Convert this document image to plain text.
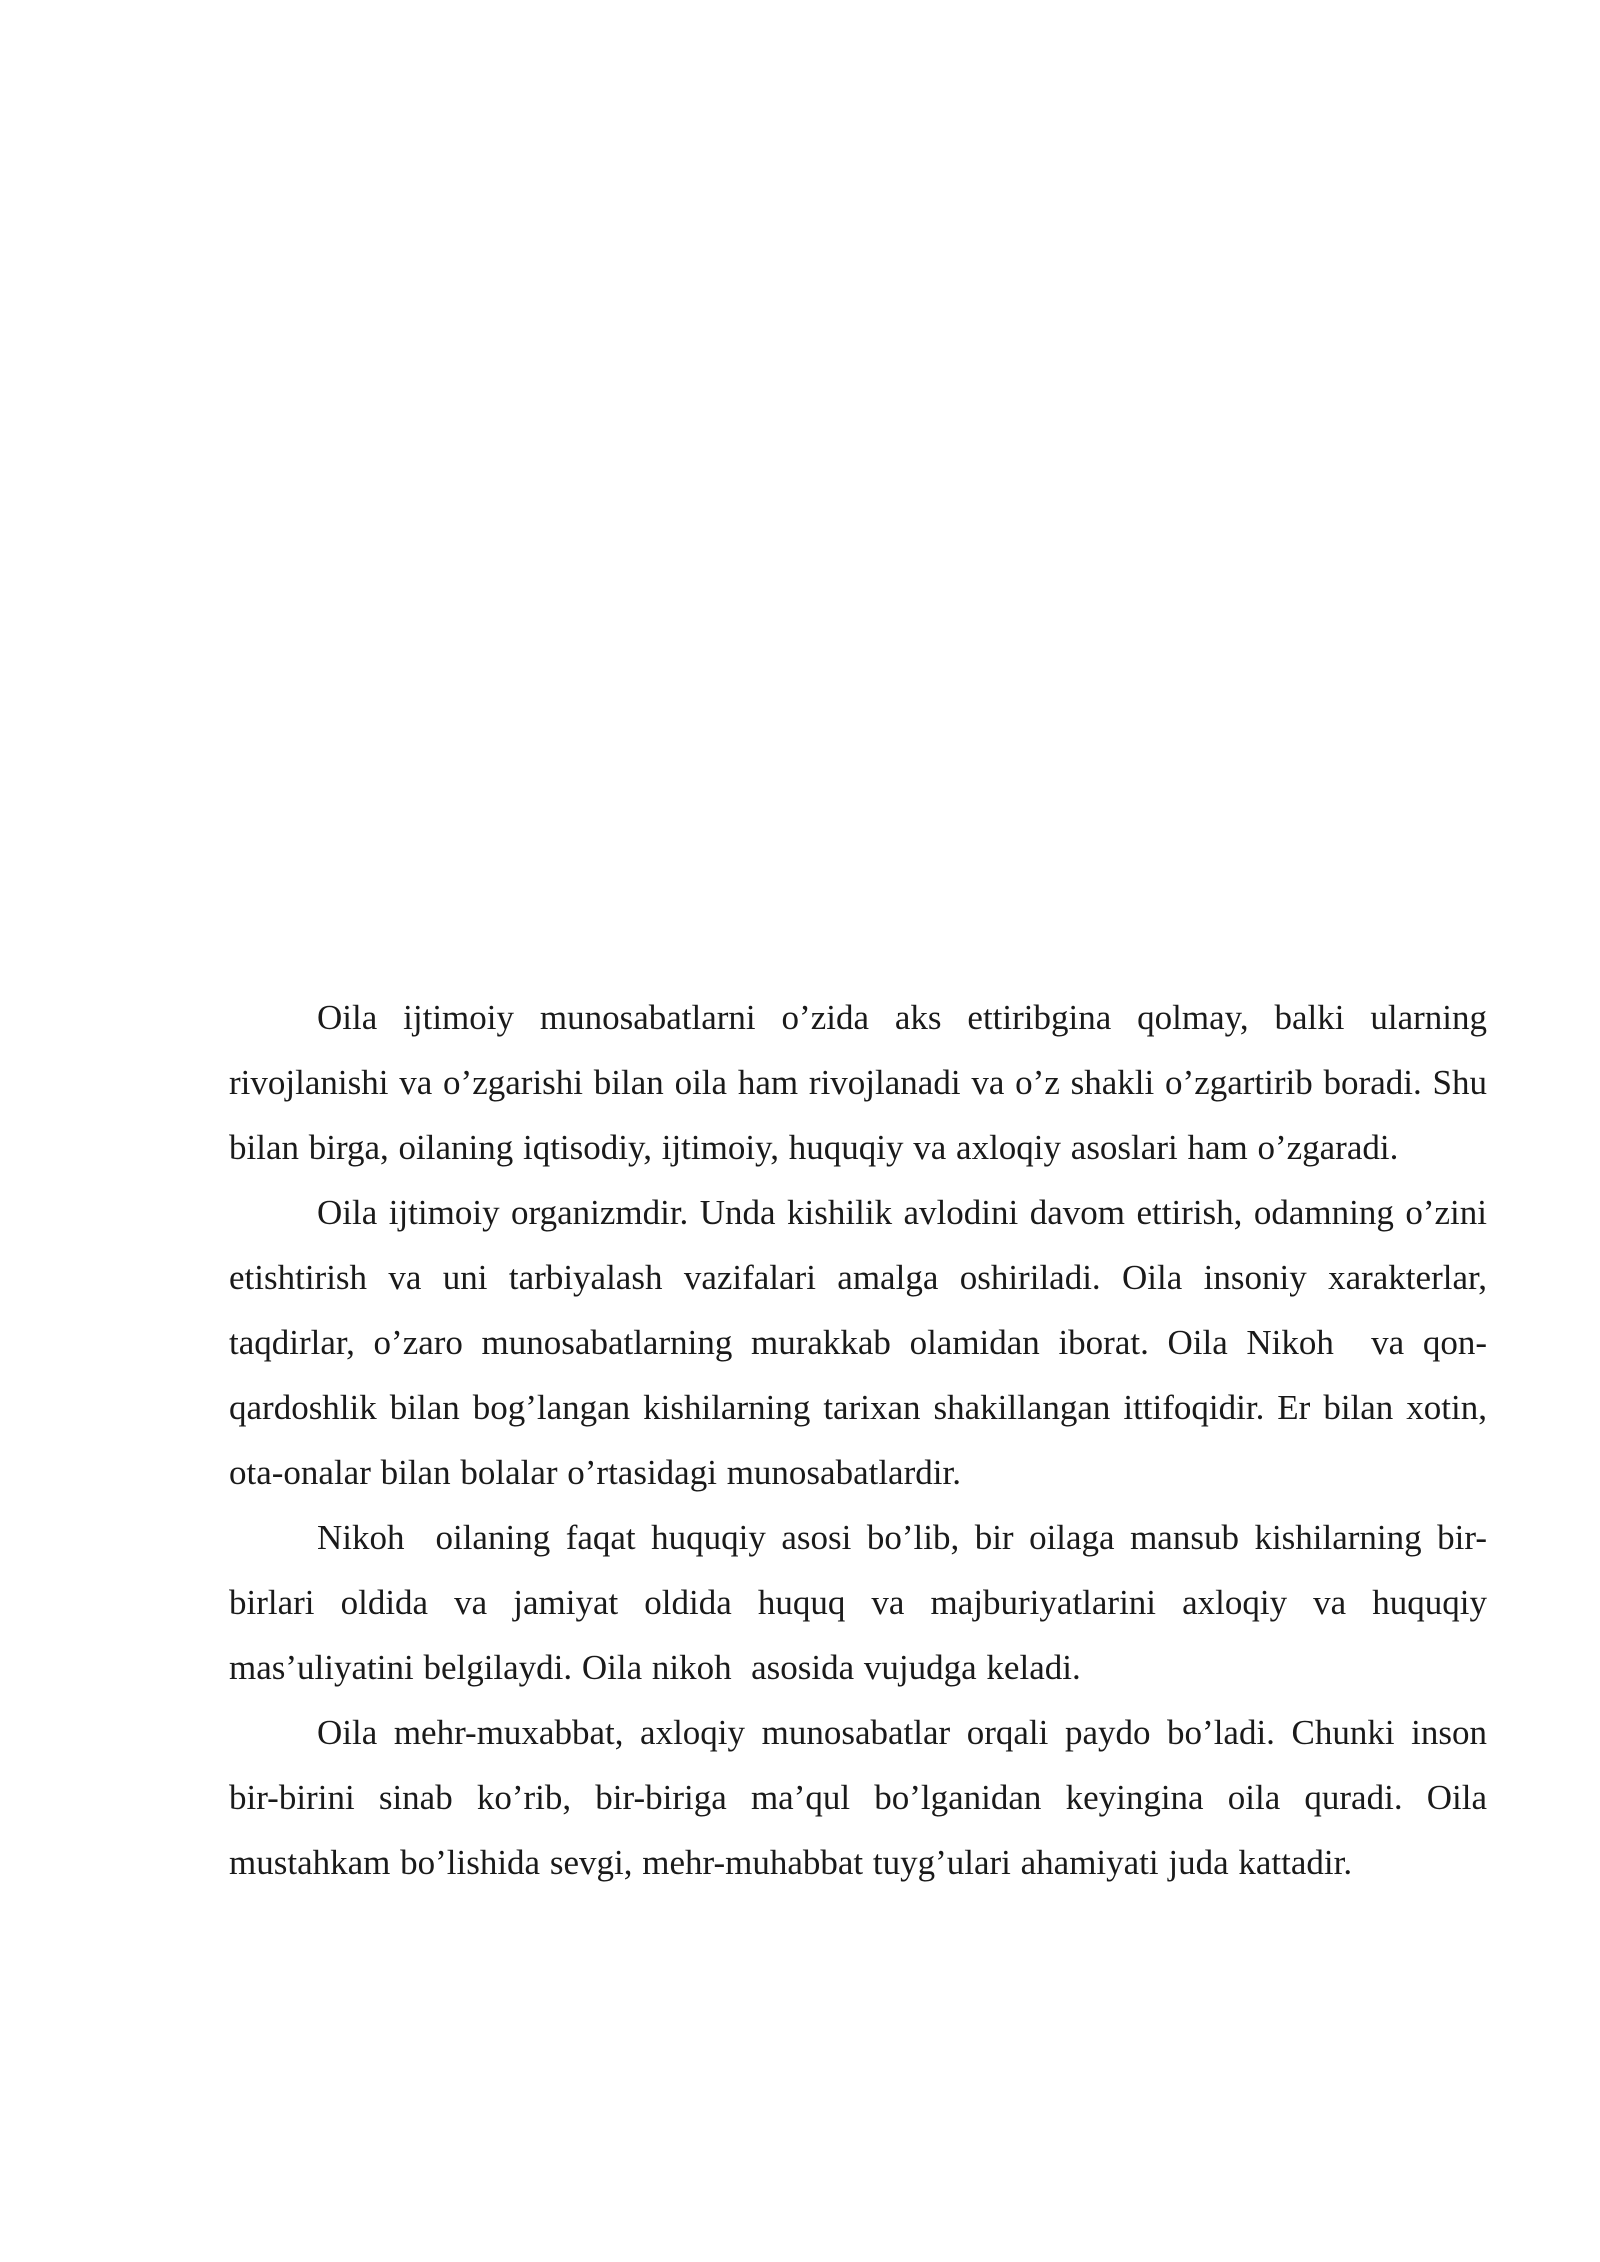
Oila ijtimoiy munosabatlarni o’zida aks ettiribgina qolmay, balki ularning rivojlanishi va o’zgarishi bilan oila ham rivojlanadi va o’z shakli o’zgartirib boradi. Shu bilan birga, oilaning iqtisodiy, ijtimoiy, huquqiy va axloqiy asoslari ham o’zgaradi.

Oila ijtimoiy organizmdir. Unda kishilik avlodini davom ettirish, odamning o’zini etishtirish va uni tarbiyalash vazifalari amalga oshiriladi. Oila insoniy xarakterlar, taqdirlar, o’zaro munosabatlarning murakkab olamidan iborat. Oila Nikoh  va qon-qardoshlik bilan bog’langan kishilarning tarixan shakillangan ittifoqidir. Er bilan xotin, ota-onalar bilan bolalar o’rtasidagi munosabatlardir.

Nikoh  oilaning faqat huquqiy asosi bo’lib, bir oilaga mansub kishilarning bir-birlari oldida va jamiyat oldida huquq va majburiyatlarini axloqiy va huquqiy mas’uliyatini belgilaydi. Oila nikoh  asosida vujudga keladi.

Oila mehr-muxabbat, axloqiy munosabatlar orqali paydo bo’ladi. Chunki inson bir-birini sinab ko’rib, bir-biriga ma’qul bo’lganidan keyingina oila quradi. Oila mustahkam bo’lishida sevgi, mehr-muhabbat tuyg’ulari ahamiyati juda kattadir.
